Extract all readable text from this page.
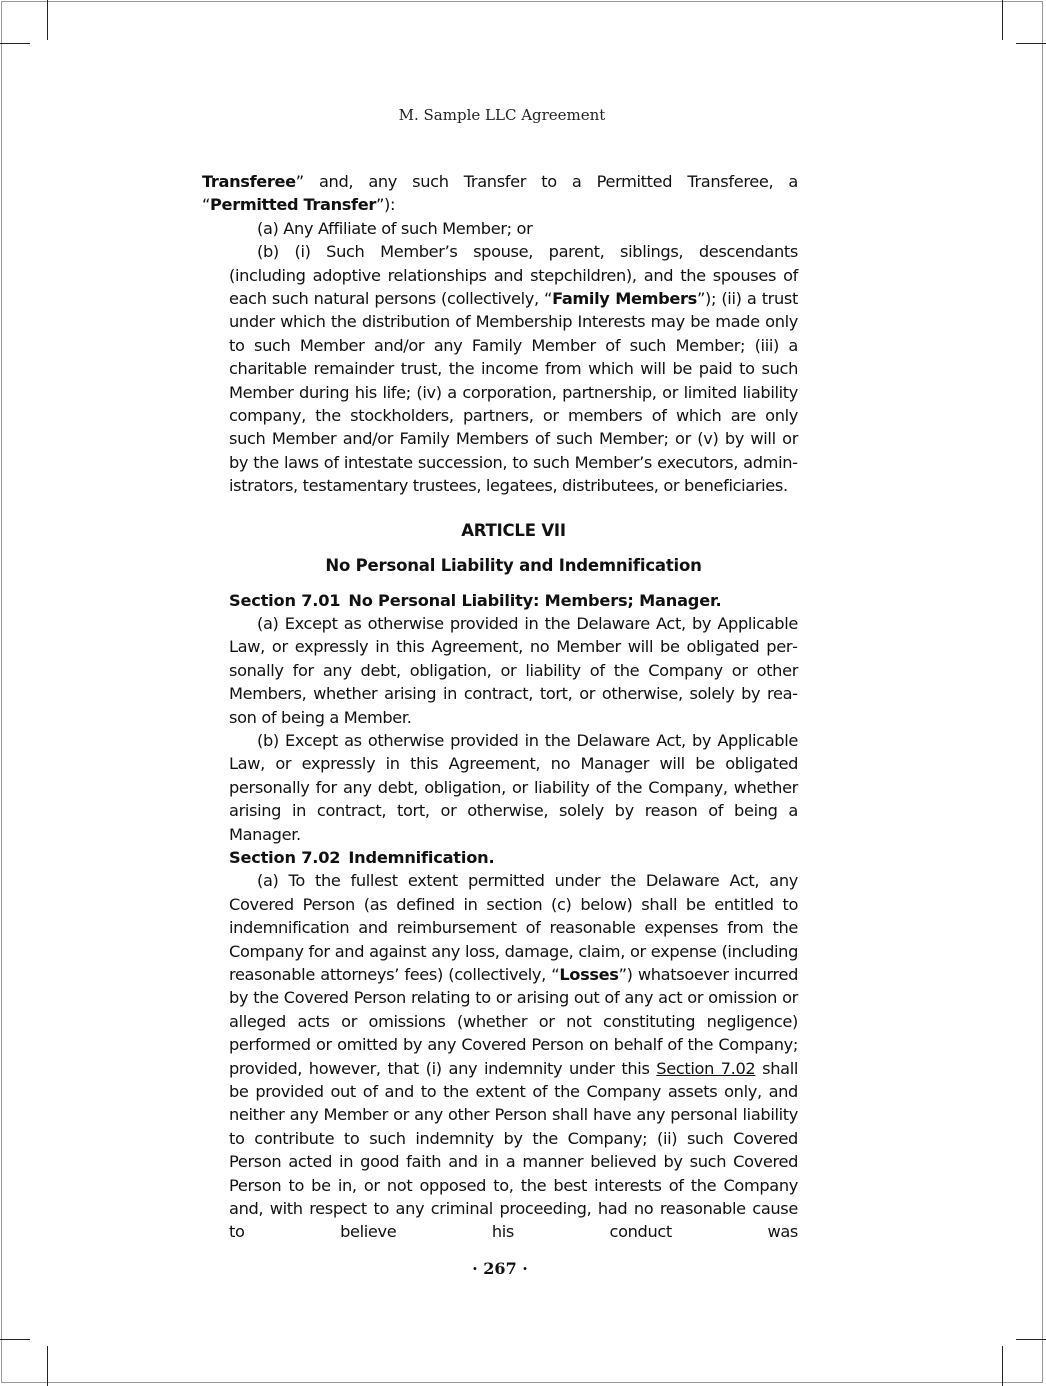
M. Sample LLC Agreement

Transferee” and, any such Transfer to a Permitted Transferee, a “Permitted Transfer”):

(a) Any Affiliate of such Member; or

(b) (i) Such Member’s spouse, parent, siblings, descendants (including adoptive relationships and stepchildren), and the spouses of each such natural persons (collectively, “Family Members”); (ii) a trust under which the distribution of Membership Interests may be made only to such Member and/or any Family Member of such Member; (iii) a charitable remainder trust, the income from which will be paid to such Member during his life; (iv) a corporation, partnership, or limited liability company, the stockholders, partners, or members of which are only such Member and/or Family Members of such Member; or (v) by will or by the laws of intestate succession, to such Member’s executors, administrators, testamentary trustees, legatees, distributees, or beneficiaries.

ARTICLE VII

No Personal Liability and Indemnification

Section 7.01 No Personal Liability: Members; Manager.

(a) Except as otherwise provided in the Delaware Act, by Applicable Law, or expressly in this Agreement, no Member will be obligated personally for any debt, obligation, or liability of the Company or other Members, whether arising in contract, tort, or otherwise, solely by reason of being a Member.

(b) Except as otherwise provided in the Delaware Act, by Applicable Law, or expressly in this Agreement, no Manager will be obligated personally for any debt, obligation, or liability of the Company, whether arising in contract, tort, or otherwise, solely by reason of being a Manager.

Section 7.02 Indemnification.

(a) To the fullest extent permitted under the Delaware Act, any Covered Person (as defined in section (c) below) shall be entitled to indemnification and reimbursement of reasonable expenses from the Company for and against any loss, damage, claim, or expense (including reasonable attorneys’ fees) (collectively, “Losses”) whatsoever incurred by the Covered Person relating to or arising out of any act or omission or alleged acts or omissions (whether or not constituting negligence) performed or omitted by any Covered Person on behalf of the Company; provided, however, that (i) any indemnity under this Section 7.02 shall be provided out of and to the extent of the Company assets only, and neither any Member or any other Person shall have any personal liability to contribute to such indemnity by the Company; (ii) such Covered Person acted in good faith and in a manner believed by such Covered Person to be in, or not opposed to, the best interests of the Company and, with respect to any criminal proceeding, had no reasonable cause to believe his conduct was

· 267 ·
